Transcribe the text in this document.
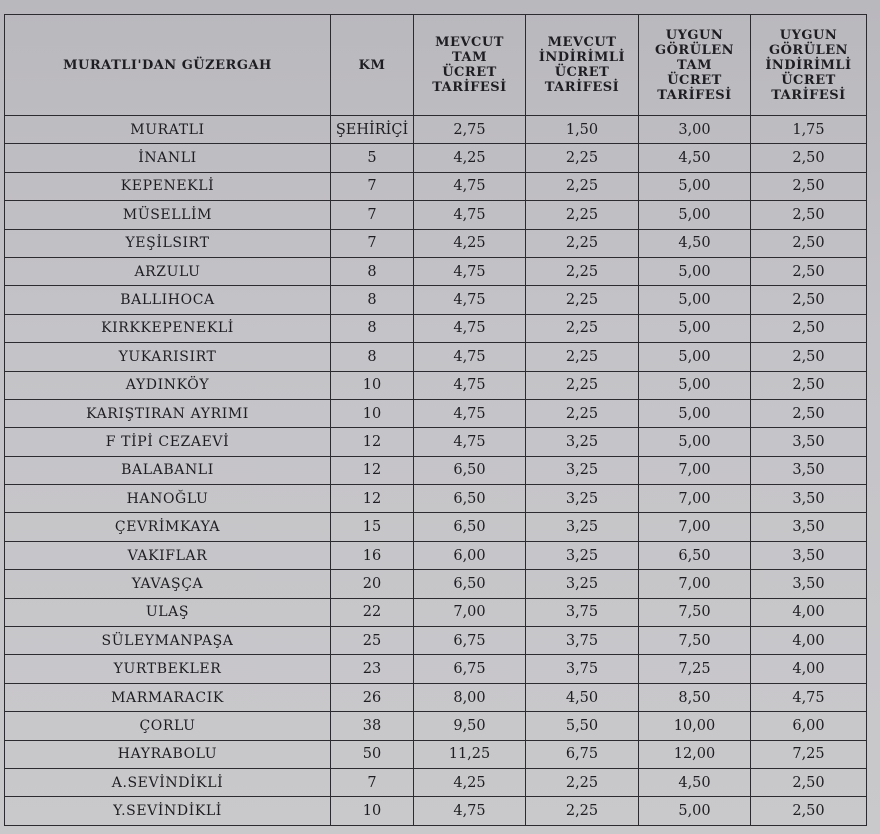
MURATLI'DAN GÜZERGAH	KM	MEVCUT
TAM
ÜCRET
TARİFESİ	MEVCUT
İNDİRİMLİ
ÜCRET
TARİFESİ	UYGUN
GÖRÜLEN
TAM
ÜCRET
TARİFESİ	UYGUN
GÖRÜLEN
İNDİRİMLİ
ÜCRET
TARİFESİ

MURATLI	ŞEHİRİÇİ	2,75	1,50	3,00	1,75
İNANLI	5	4,25	2,25	4,50	2,50
KEPENEKLİ	7	4,75	2,25	5,00	2,50
MÜSELLİM	7	4,75	2,25	5,00	2,50
YEŞİLSIRT	7	4,25	2,25	4,50	2,50
ARZULU	8	4,75	2,25	5,00	2,50
BALLIHOCA	8	4,75	2,25	5,00	2,50
KIRKKEPENEKLİ	8	4,75	2,25	5,00	2,50
YUKARISIRT	8	4,75	2,25	5,00	2,50
AYDINKÖY	10	4,75	2,25	5,00	2,50
KARIŞTIRAN AYRIMI	10	4,75	2,25	5,00	2,50
F TİPİ CEZAEVİ	12	4,75	3,25	5,00	3,50
BALABANLI	12	6,50	3,25	7,00	3,50
HANOĞLU	12	6,50	3,25	7,00	3,50
ÇEVRİMKAYA	15	6,50	3,25	7,00	3,50
VAKIFLAR	16	6,00	3,25	6,50	3,50
YAVAŞÇA	20	6,50	3,25	7,00	3,50
ULAŞ	22	7,00	3,75	7,50	4,00
SÜLEYMANPAŞA	25	6,75	3,75	7,50	4,00
YURTBEKLER	23	6,75	3,75	7,25	4,00
MARMARACIK	26	8,00	4,50	8,50	4,75
ÇORLU	38	9,50	5,50	10,00	6,00
HAYRABOLU	50	11,25	6,75	12,00	7,25
A.SEVİNDİKLİ	7	4,25	2,25	4,50	2,50
Y.SEVİNDİKLİ	10	4,75	2,25	5,00	2,50
